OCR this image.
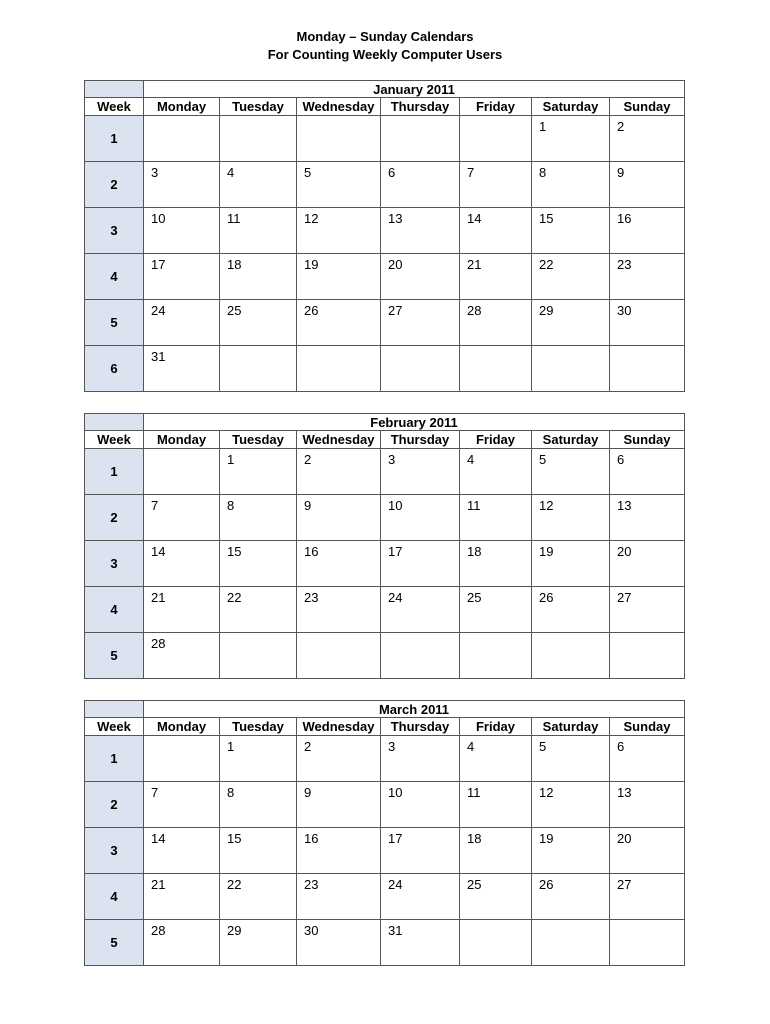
Monday – Sunday Calendars
For Counting Weekly Computer Users
	January 2011						
Week	Monday	Tuesday	Wednesday	Thursday	Friday	Saturday	Sunday
1						1	2
2	3	4	5	6	7	8	9
3	10	11	12	13	14	15	16
4	17	18	19	20	21	22	23
5	24	25	26	27	28	29	30
6	31						
	February 2011						
Week	Monday	Tuesday	Wednesday	Thursday	Friday	Saturday	Sunday
1		1	2	3	4	5	6
2	7	8	9	10	11	12	13
3	14	15	16	17	18	19	20
4	21	22	23	24	25	26	27
5	28						
	March 2011						
Week	Monday	Tuesday	Wednesday	Thursday	Friday	Saturday	Sunday
1		1	2	3	4	5	6
2	7	8	9	10	11	12	13
3	14	15	16	17	18	19	20
4	21	22	23	24	25	26	27
5	28	29	30	31			
